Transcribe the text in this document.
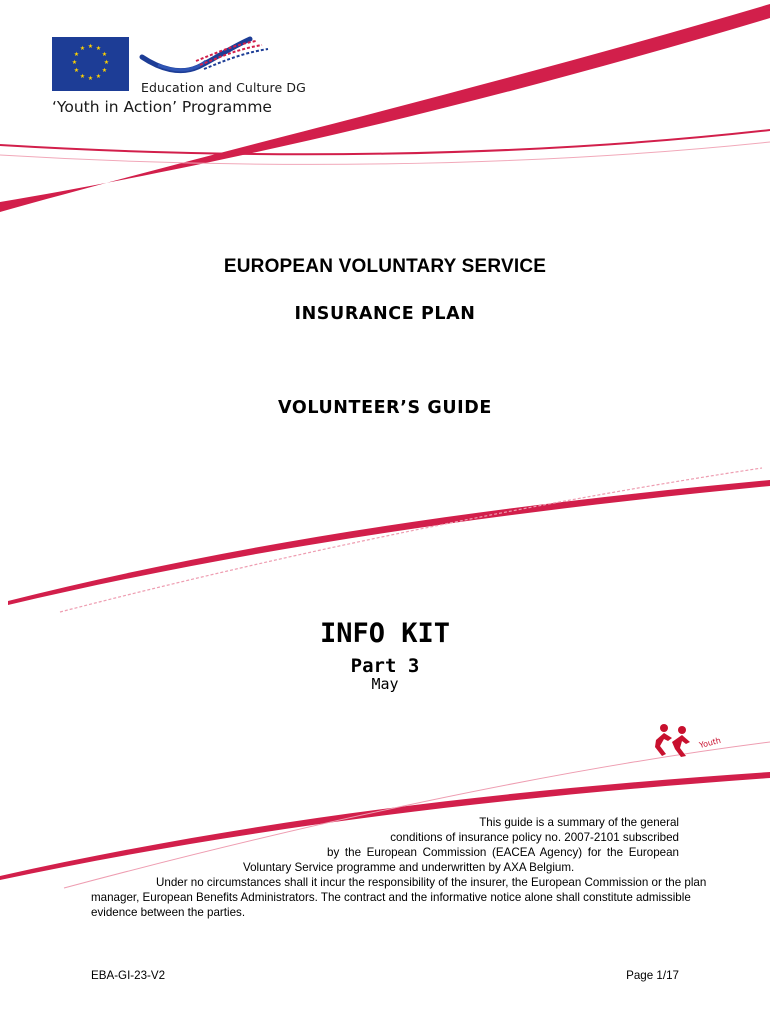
★ ★
★
★
★
★
★
★
★
★
★
★
Education and Culture DG
‘Youth in Action’ Programme
EUROPEAN VOLUNTARY SERVICE
INSURANCE PLAN
VOLUNTEER’S GUIDE
INFO KIT
Part 3
May
Youth
This guide is a summary of the general
conditions of insurance policy no. 2007-2101 subscribed
by the European Commission (EACEA Agency) for the European
Voluntary Service programme and underwritten by AXA Belgium.
Under no circumstances shall it incur the responsibility of the insurer, the European Commission or the plan
manager, European Benefits Administrators. The contract and the informative notice alone shall constitute admissible
evidence between the parties.
EBA-GI-23-V2	Page 1/17
